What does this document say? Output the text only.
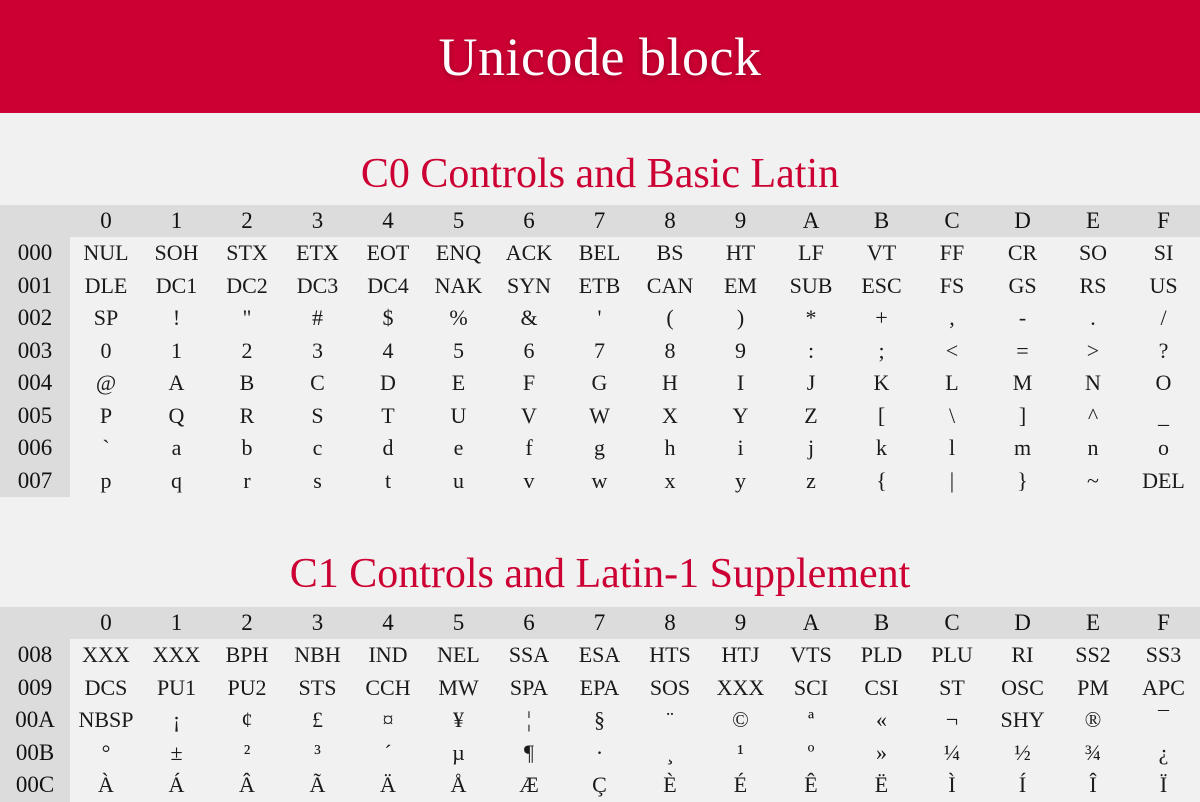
Unicode block
C0 Controls and Basic Latin
0	1	2	3	4	5	6	7	8	9	A	B	C	D	E	F
000	NUL	SOH	STX	ETX	EOT	ENQ	ACK	BEL	BS	HT	LF	VT	FF	CR	SO	SI
001	DLE	DC1	DC2	DC3	DC4	NAK	SYN	ETB	CAN	EM	SUB	ESC	FS	GS	RS	US
002	SP	!	"	#	$	%	&	'	(	)	*	+	,	-	.	/
003	0	1	2	3	4	5	6	7	8	9	:	;	<	=	>	?
004	@	A	B	C	D	E	F	G	H	I	J	K	L	M	N	O
005	P	Q	R	S	T	U	V	W	X	Y	Z	[	\	]	^	_
006	`	a	b	c	d	e	f	g	h	i	j	k	l	m	n	o
007	p	q	r	s	t	u	v	w	x	y	z	{	|	}	~	DEL
C1 Controls and Latin-1 Supplement
0	1	2	3	4	5	6	7	8	9	A	B	C	D	E	F
008	XXX	XXX	BPH	NBH	IND	NEL	SSA	ESA	HTS	HTJ	VTS	PLD	PLU	RI	SS2	SS3
009	DCS	PU1	PU2	STS	CCH	MW	SPA	EPA	SOS	XXX	SCI	CSI	ST	OSC	PM	APC
00A	NBSP	¡	¢	£	¤	¥	¦	§	¨	©	ª	«	¬	SHY	®	¯
00B	°	±	²	³	´	µ	¶	·	¸	¹	º	»	¼	½	¾	¿
00C	À	Á	Â	Ã	Ä	Å	Æ	Ç	È	É	Ê	Ë	Ì	Í	Î	Ï
